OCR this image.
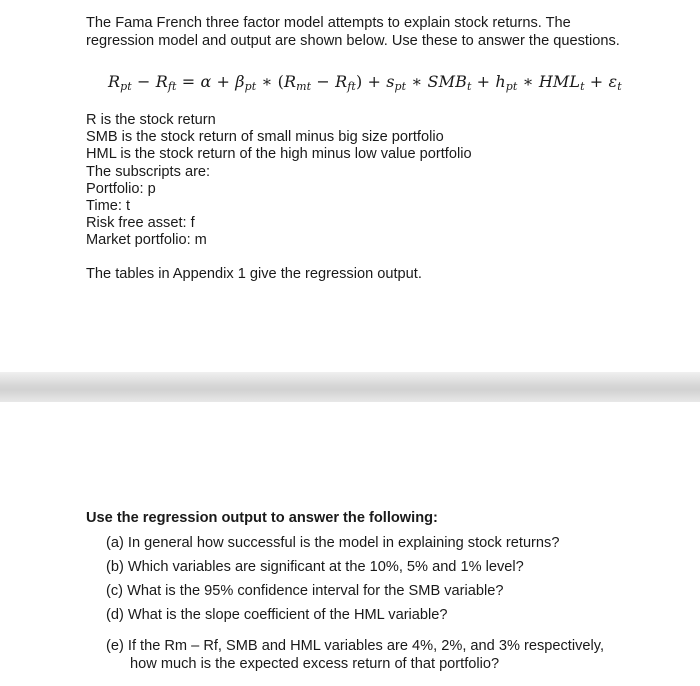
The Fama French three factor model attempts to explain stock returns. The
regression model and output are shown below. Use these to answer the questions.
$R_{pt} - R_{ft} = \alpha + \beta_{pt}$ ∗ $(R_{mt} - R_{ft}) + s_{pt}$ ∗ $SMB_t + h_{pt}$ ∗ $HML_t + \varepsilon_t$
R is the stock return
SMB is the stock return of small minus big size portfolio
HML is the stock return of the high minus low value portfolio
The subscripts are:
Portfolio: p
Time: t
Risk free asset: f
Market portfolio: m
The tables in Appendix 1 give the regression output.
Use the regression output to answer the following:
(a) In general how successful is the model in explaining stock returns?
(b) Which variables are significant at the 10%, 5% and 1% level?
(c) What is the 95% confidence interval for the SMB variable?
(d) What is the slope coefficient of the HML variable?
(e) If the Rm – Rf, SMB and HML variables are 4%, 2%, and 3% respectively,
how much is the expected excess return of that portfolio?
